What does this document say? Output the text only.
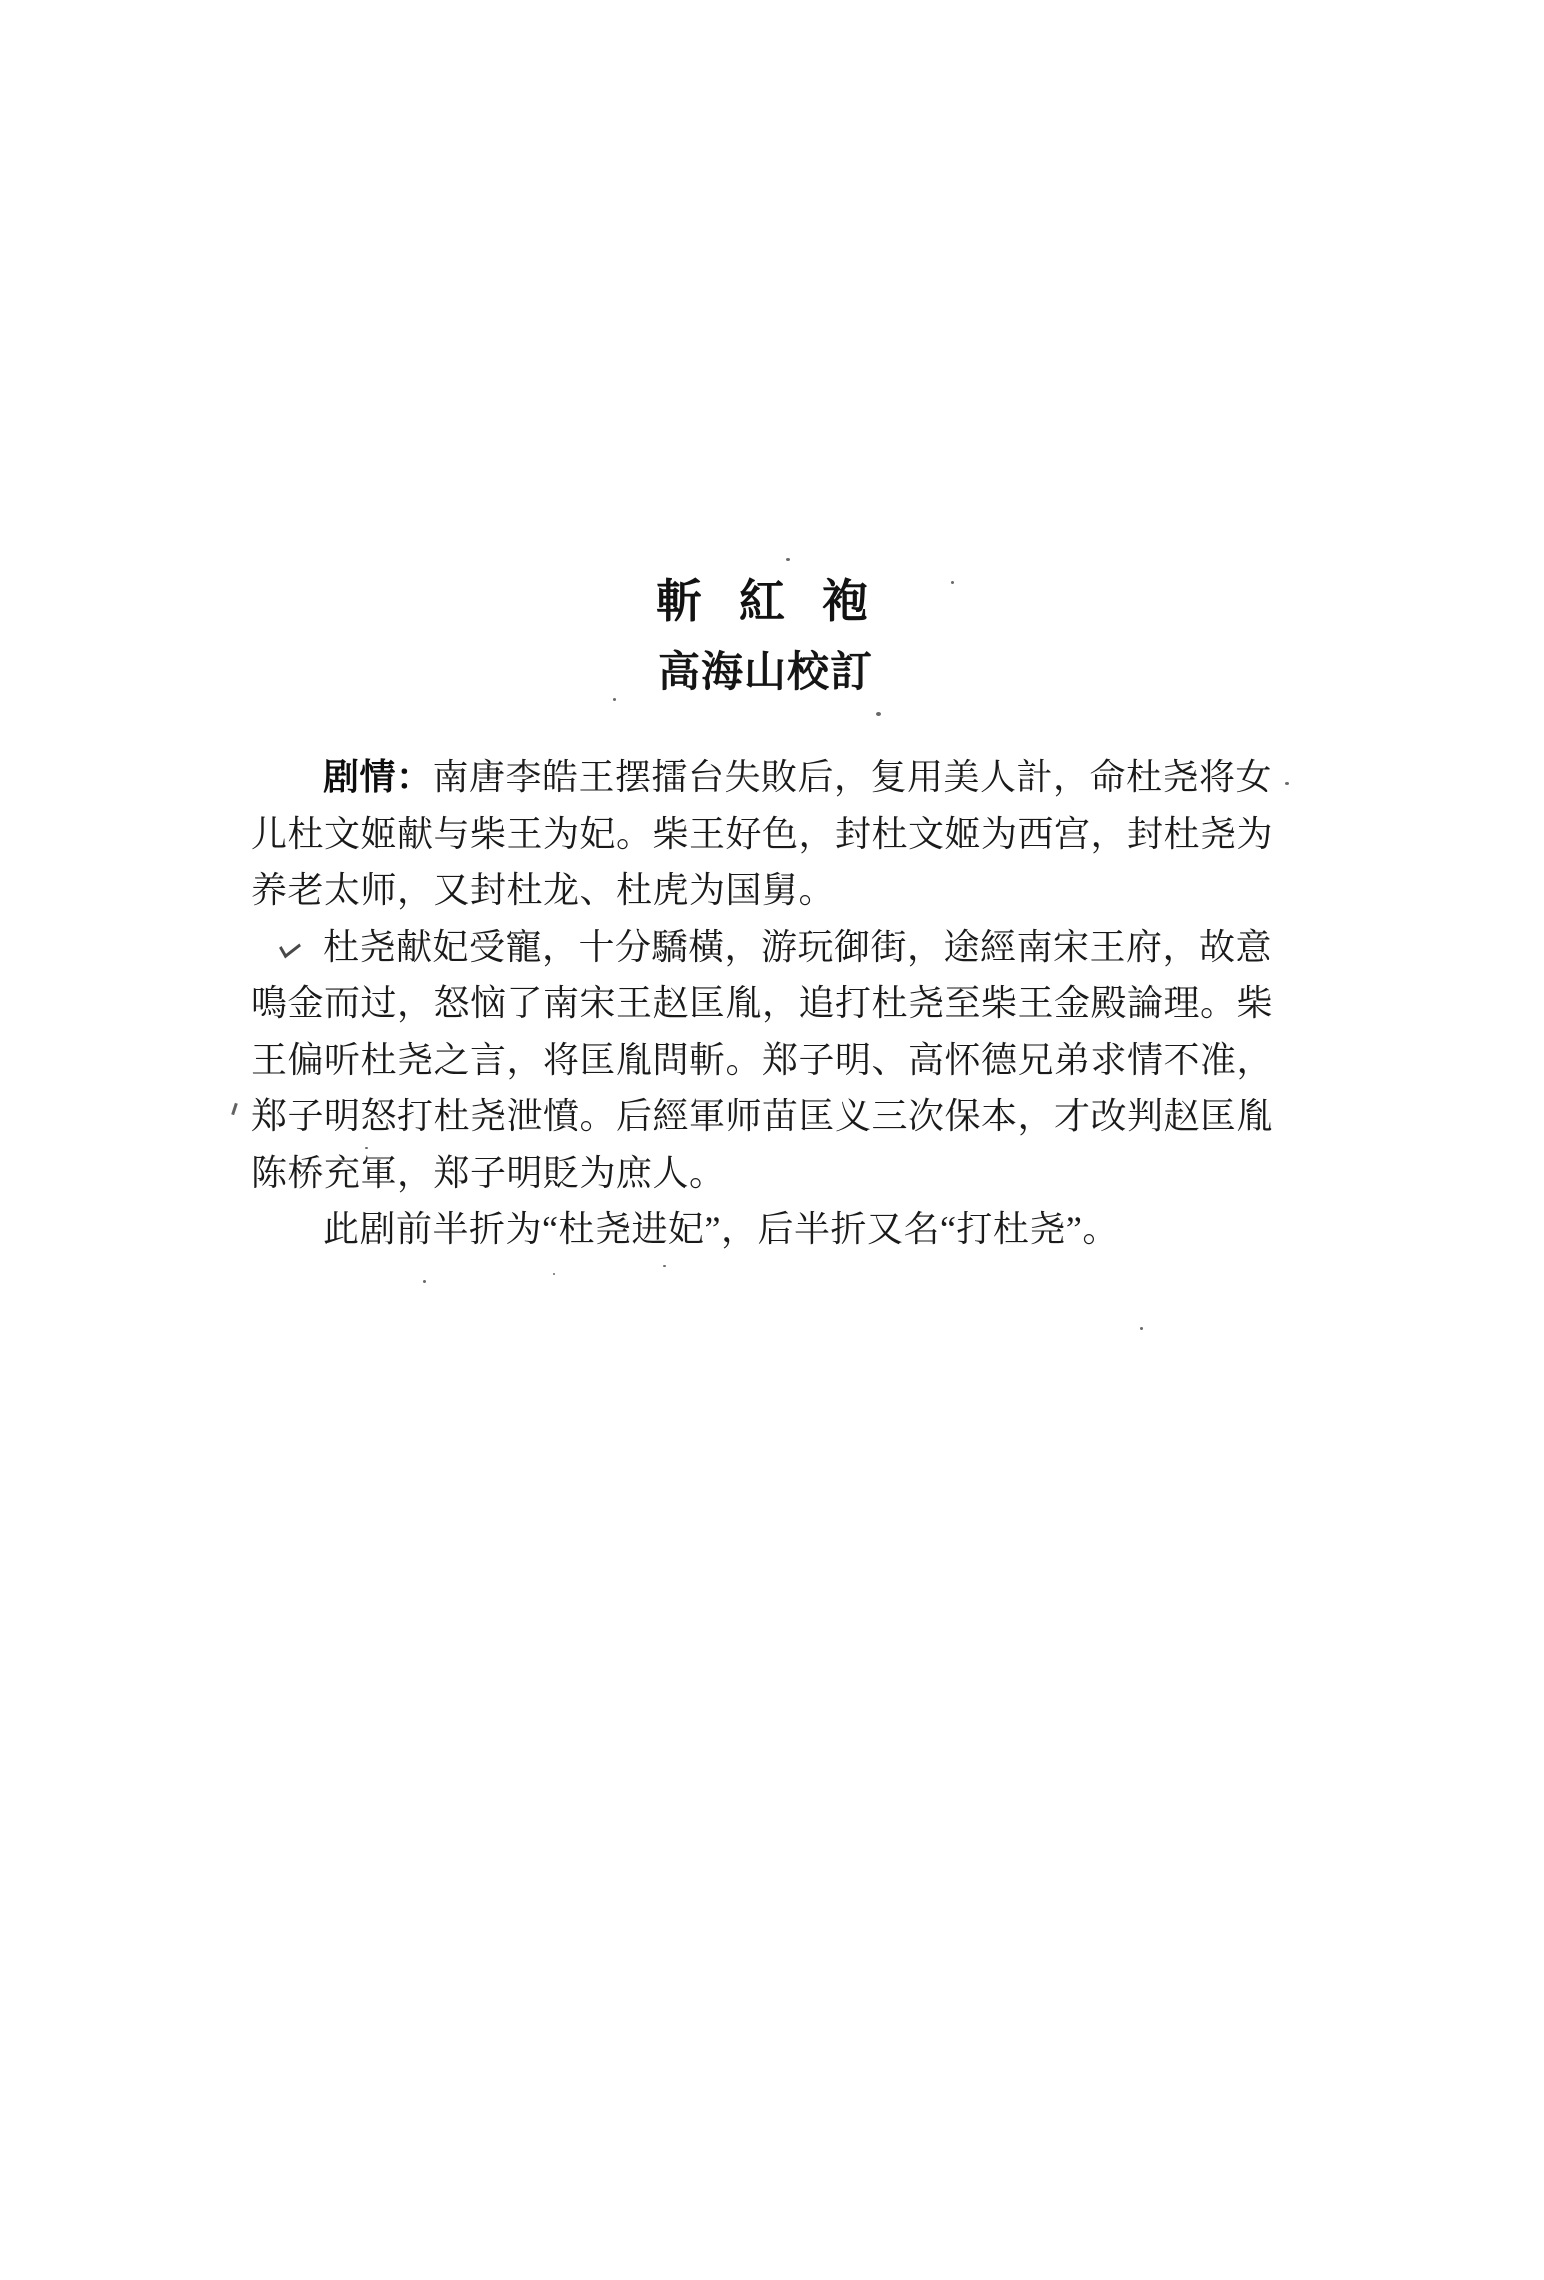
斬紅袍
高海山校訂
剧情：南唐李皓王摆擂台失敗后，复用美人計，命杜尧将女
儿杜文姬献与柴王为妃。柴王好色，封杜文姬为西宫，封杜尧为
养老太师，又封杜龙、杜虎为国舅。
杜尧献妃受寵，十分驕橫，游玩御街，途經南宋王府，故意
鳴金而过，怒恼了南宋王赵匡胤，追打杜尧至柴王金殿論理。柴
王偏听杜尧之言，将匡胤問斬。郑子明、高怀德兄弟求情不准，
郑子明怒打杜尧泄憤。后經軍师苗匡义三次保本，才改判赵匡胤
陈桥充軍，郑子明貶为庶人。
此剧前半折为“杜尧进妃”，后半折又名“打杜尧”。
